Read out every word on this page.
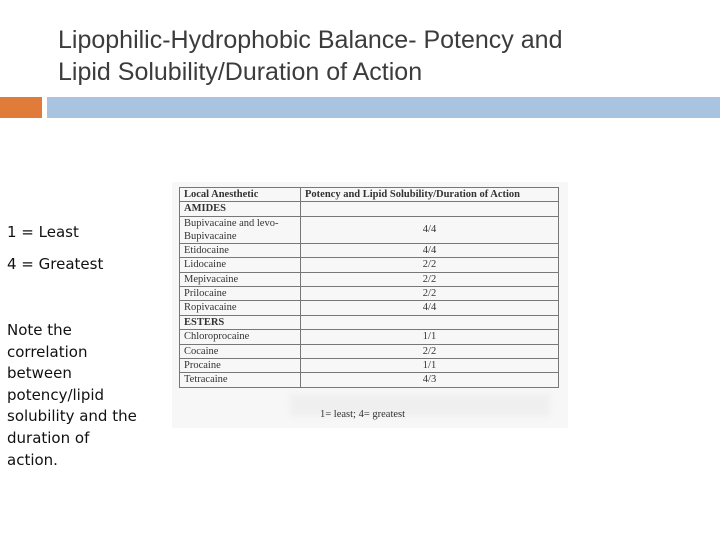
Lipophilic-Hydrophobic Balance- Potency and
Lipid Solubility/Duration of Action
1 = Least
4 = Greatest
Note the correlation between potency/lipid solubility and the duration of action.
Local Anesthetic	Potency and Lipid Solubility/Duration of Action
AMIDES	
Bupivacaine and levo-Bupivacaine	4/4
Etidocaine	4/4
Lidocaine	2/2
Mepivacaine	2/2
Prilocaine	2/2
Ropivacaine	4/4
ESTERS	
Chloroprocaine	1/1
Cocaine	2/2
Procaine	1/1
Tetracaine	4/3
1= least; 4= greatest
